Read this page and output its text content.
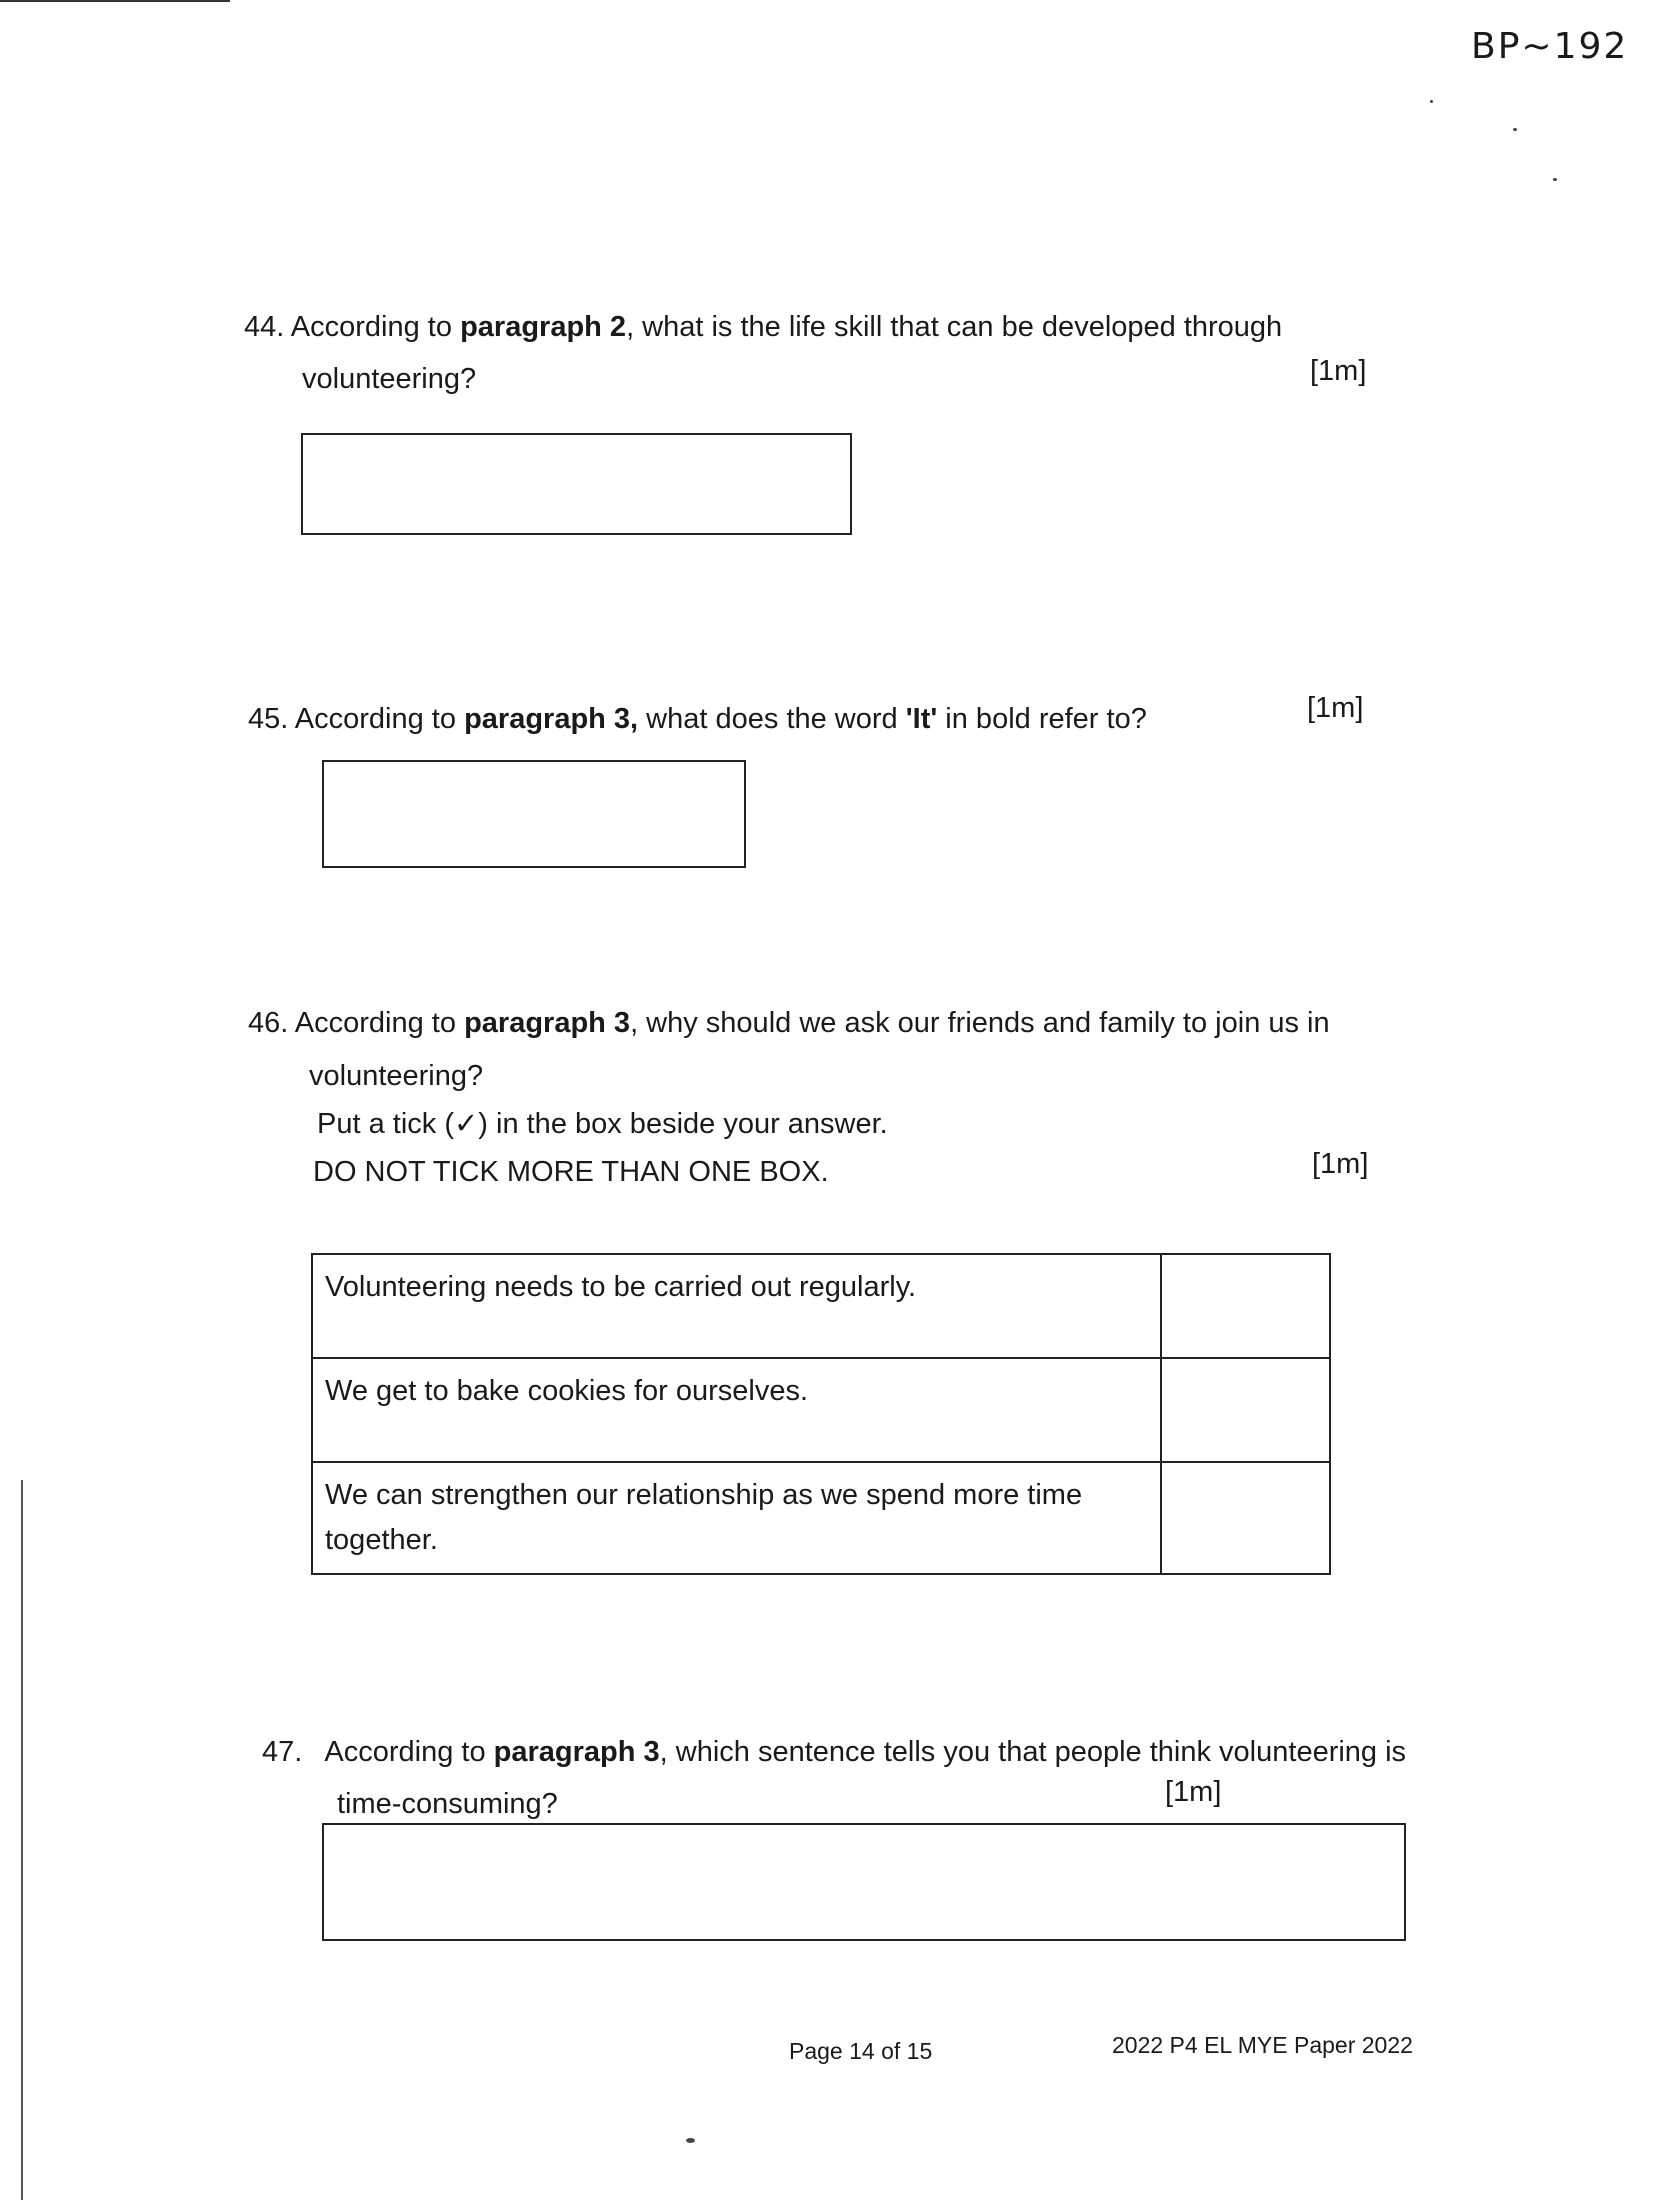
BP~192
44. According to paragraph 2, what is the life skill that can be developed through
volunteering?	[1m]
45. According to paragraph 3, what does the word 'It' in bold refer to?	[1m]
46. According to paragraph 3, why should we ask our friends and family to join us in
volunteering?
Put a tick (✓) in the box beside your answer.
DO NOT TICK MORE THAN ONE BOX.	[1m]
Volunteering needs to be carried out regularly.	
We get to bake cookies for ourselves.	
We can strengthen our relationship as we spend more time together.	
47. According to paragraph 3, which sentence tells you that people think volunteering is
time-consuming?	[1m]
Page 14 of 15	2022 P4 EL MYE Paper 2022
